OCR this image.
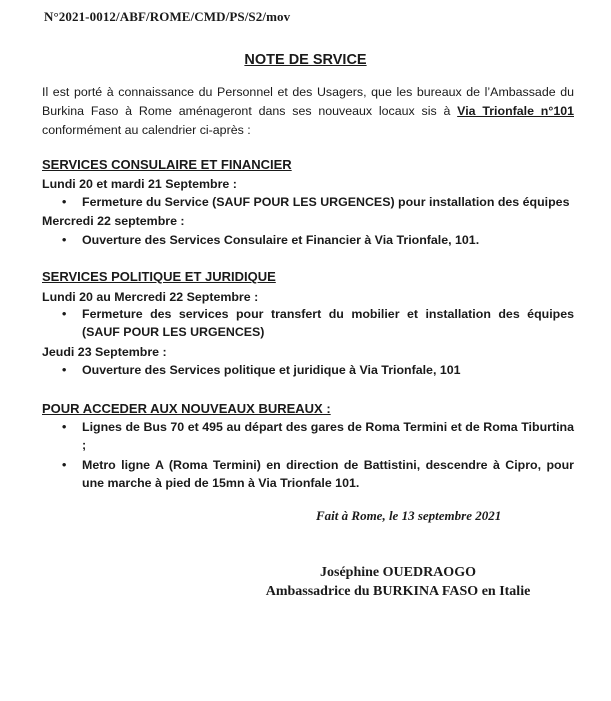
N°2021-0012/ABF/ROME/CMD/PS/S2/mov
NOTE DE SRVICE
Il est porté à connaissance du Personnel et des Usagers, que les bureaux de l’Ambassade du Burkina Faso à Rome aménageront dans ses nouveaux locaux sis à Via Trionfale n°101 conformément au calendrier ci-après :
SERVICES CONSULAIRE ET FINANCIER
Lundi 20 et mardi 21 Septembre :
• Fermeture du Service (SAUF POUR LES URGENCES) pour installation des équipes
Mercredi 22 septembre :
• Ouverture des Services Consulaire et Financier à Via Trionfale, 101.
SERVICES POLITIQUE ET JURIDIQUE
Lundi 20 au Mercredi 22 Septembre :
• Fermeture des services pour transfert du mobilier et installation des équipes (SAUF POUR LES URGENCES)
Jeudi 23 Septembre :
• Ouverture des Services politique et juridique à Via Trionfale, 101
POUR ACCEDER AUX NOUVEAUX BUREAUX :
• Lignes de Bus 70 et 495 au départ des gares de Roma Termini et de Roma Tiburtina ;
• Metro ligne A (Roma Termini) en direction de Battistini, descendre à Cipro, pour une marche à pied de 15mn à Via Trionfale 101.
Fait à Rome, le 13 septembre 2021
Joséphine OUEDRAOGO
Ambassadrice du BURKINA FASO en Italie
